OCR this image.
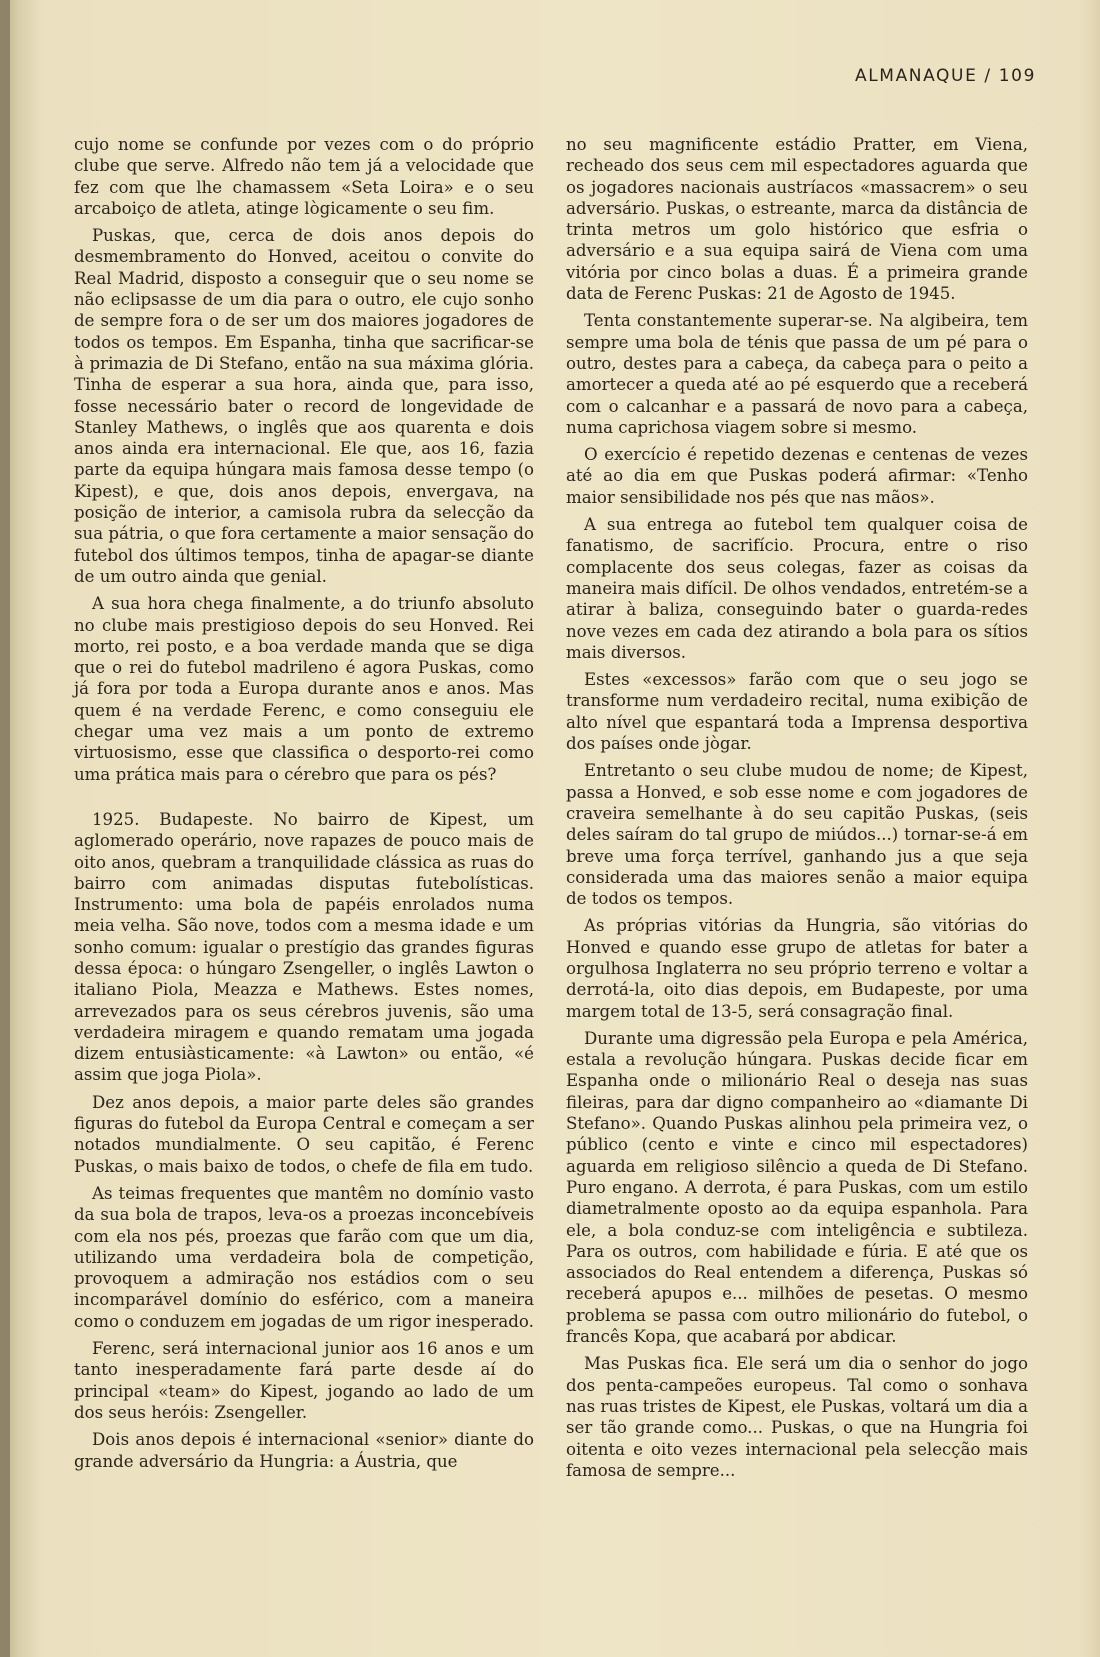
ALMANAQUE / 109

cujo nome se confunde por vezes com o do próprio clube que serve. Alfredo não tem já a velocidade que fez com que lhe chamassem «Seta Loira» e o seu arcaboiço de atleta, atinge lògicamente o seu fim.

Puskas, que, cerca de dois anos depois do desmembramento do Honved, aceitou o convite do Real Madrid, disposto a conseguir que o seu nome se não eclipsasse de um dia para o outro, ele cujo sonho de sempre fora o de ser um dos maiores jogadores de todos os tempos. Em Espanha, tinha que sacrificar-se à primazia de Di Stefano, então na sua máxima glória. Tinha de esperar a sua hora, ainda que, para isso, fosse necessário bater o record de longevidade de Stanley Mathews, o inglês que aos quarenta e dois anos ainda era internacional. Ele que, aos 16, fazia parte da equipa húngara mais famosa desse tempo (o Kipest), e que, dois anos depois, envergava, na posição de interior, a camisola rubra da selecção da sua pátria, o que fora certamente a maior sensação do futebol dos últimos tempos, tinha de apagar-se diante de um outro ainda que genial.

A sua hora chega finalmente, a do triunfo absoluto no clube mais prestigioso depois do seu Honved. Rei morto, rei posto, e a boa verdade manda que se diga que o rei do futebol madrileno é agora Puskas, como já fora por toda a Europa durante anos e anos. Mas quem é na verdade Ferenc, e como conseguiu ele chegar uma vez mais a um ponto de extremo virtuosismo, esse que classifica o desporto-rei como uma prática mais para o cérebro que para os pés?

1925. Budapeste. No bairro de Kipest, um aglomerado operário, nove rapazes de pouco mais de oito anos, quebram a tranquilidade clássica as ruas do bairro com animadas disputas futebolísticas. Instrumento: uma bola de papéis enrolados numa meia velha. São nove, todos com a mesma idade e um sonho comum: igualar o prestígio das grandes figuras dessa época: o húngaro Zsengeller, o inglês Lawton o italiano Piola, Meazza e Mathews. Estes nomes, arrevezados para os seus cérebros juvenis, são uma verdadeira miragem e quando rematam uma jogada dizem entusiàsticamente: «à Lawton» ou então, «é assim que joga Piola».

Dez anos depois, a maior parte deles são grandes figuras do futebol da Europa Central e começam a ser notados mundialmente. O seu capitão, é Ferenc Puskas, o mais baixo de todos, o chefe de fila em tudo.

As teimas frequentes que mantêm no domínio vasto da sua bola de trapos, leva-os a proezas inconcebíveis com ela nos pés, proezas que farão com que um dia, utilizando uma verdadeira bola de competição, provoquem a admiração nos estádios com o seu incomparável domínio do esférico, com a maneira como o conduzem em jogadas de um rigor inesperado.

Ferenc, será internacional junior aos 16 anos e um tanto inesperadamente fará parte desde aí do principal «team» do Kipest, jogando ao lado de um dos seus heróis: Zsengeller.

Dois anos depois é internacional «senior» diante do grande adversário da Hungria: a Áustria, que

no seu magnificente estádio Pratter, em Viena, recheado dos seus cem mil espectadores aguarda que os jogadores nacionais austríacos «massacrem» o seu adversário. Puskas, o estreante, marca da distância de trinta metros um golo histórico que esfria o adversário e a sua equipa sairá de Viena com uma vitória por cinco bolas a duas. É a primeira grande data de Ferenc Puskas: 21 de Agosto de 1945.

Tenta constantemente superar-se. Na algibeira, tem sempre uma bola de ténis que passa de um pé para o outro, destes para a cabeça, da cabeça para o peito a amortecer a queda até ao pé esquerdo que a receberá com o calcanhar e a passará de novo para a cabeça, numa caprichosa viagem sobre si mesmo.

O exercício é repetido dezenas e centenas de vezes até ao dia em que Puskas poderá afirmar: «Tenho maior sensibilidade nos pés que nas mãos».

A sua entrega ao futebol tem qualquer coisa de fanatismo, de sacrifício. Procura, entre o riso complacente dos seus colegas, fazer as coisas da maneira mais difícil. De olhos vendados, entretém-se a atirar à baliza, conseguindo bater o guarda-redes nove vezes em cada dez atirando a bola para os sítios mais diversos.

Estes «excessos» farão com que o seu jogo se transforme num verdadeiro recital, numa exibição de alto nível que espantará toda a Imprensa desportiva dos países onde jògar.

Entretanto o seu clube mudou de nome; de Kipest, passa a Honved, e sob esse nome e com jogadores de craveira semelhante à do seu capitão Puskas, (seis deles saíram do tal grupo de miúdos...) tornar-se-á em breve uma força terrível, ganhando jus a que seja considerada uma das maiores senão a maior equipa de todos os tempos.

As próprias vitórias da Hungria, são vitórias do Honved e quando esse grupo de atletas for bater a orgulhosa Inglaterra no seu próprio terreno e voltar a derrotá-la, oito dias depois, em Budapeste, por uma margem total de 13-5, será consagração final.

Durante uma digressão pela Europa e pela América, estala a revolução húngara. Puskas decide ficar em Espanha onde o milionário Real o deseja nas suas fileiras, para dar digno companheiro ao «diamante Di Stefano». Quando Puskas alinhou pela primeira vez, o público (cento e vinte e cinco mil espectadores) aguarda em religioso silêncio a queda de Di Stefano. Puro engano. A derrota, é para Puskas, com um estilo diametralmente oposto ao da equipa espanhola. Para ele, a bola conduz-se com inteligência e subtileza. Para os outros, com habilidade e fúria. E até que os associados do Real entendem a diferença, Puskas só receberá apupos e... milhões de pesetas. O mesmo problema se passa com outro milionário do futebol, o francês Kopa, que acabará por abdicar.

Mas Puskas fica. Ele será um dia o senhor do jogo dos penta-campeões europeus. Tal como o sonhava nas ruas tristes de Kipest, ele Puskas, voltará um dia a ser tão grande como... Puskas, o que na Hungria foi oitenta e oito vezes internacional pela selecção mais famosa de sempre...
